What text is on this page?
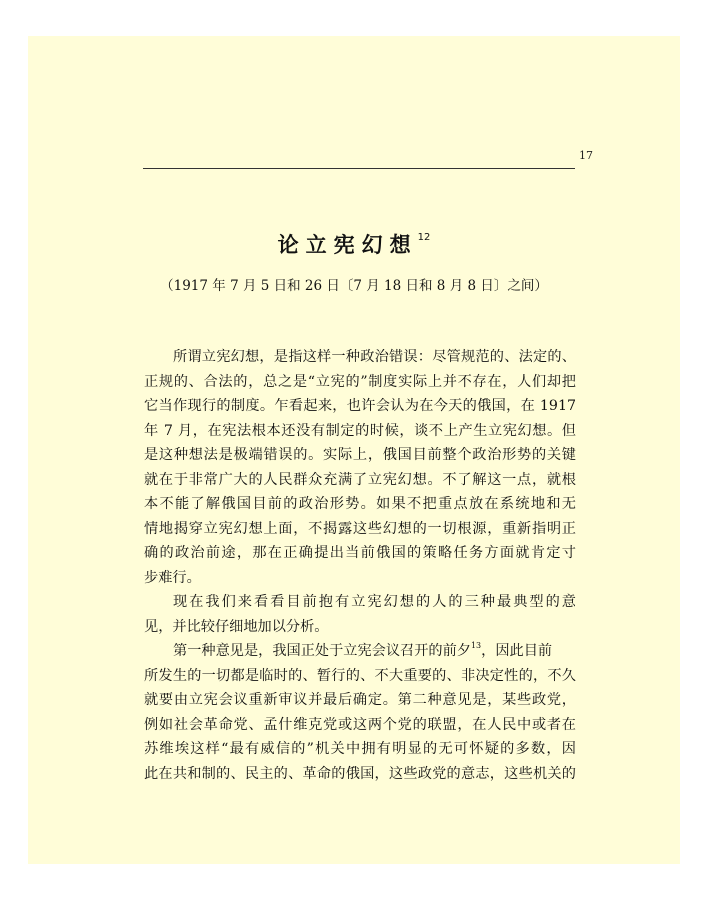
17
论立宪幻想$^{12}$
（1917 年 7 月 5 日和 26 日〔7 月 18 日和 8 月 8 日〕之间）
所谓立宪幻想，是指这样一种政治错误：尽管规范的、法定的、
正规的、合法的，总之是“立宪的”制度实际上并不存在，人们却把
它当作现行的制度。乍看起来，也许会认为在今天的俄国，在 1917
年 7 月，在宪法根本还没有制定的时候，谈不上产生立宪幻想。但
是这种想法是极端错误的。实际上，俄国目前整个政治形势的关键
就在于非常广大的人民群众充满了立宪幻想。不了解这一点，就根
本不能了解俄国目前的政治形势。如果不把重点放在系统地和无
情地揭穿立宪幻想上面，不揭露这些幻想的一切根源，重新指明正
确的政治前途，那在正确提出当前俄国的策略任务方面就肯定寸
步难行。
现在我们来看看目前抱有立宪幻想的人的三种最典型的意
见，并比较仔细地加以分析。
第一种意见是，我国正处于立宪会议召开的前夕$^{13}$，因此目前
所发生的一切都是临时的、暂行的、不大重要的、非决定性的，不久
就要由立宪会议重新审议并最后确定。第二种意见是，某些政党，
例如社会革命党、孟什维克党或这两个党的联盟，在人民中或者在
苏维埃这样“最有威信的”机关中拥有明显的无可怀疑的多数，因
此在共和制的、民主的、革命的俄国，这些政党的意志，这些机关的
